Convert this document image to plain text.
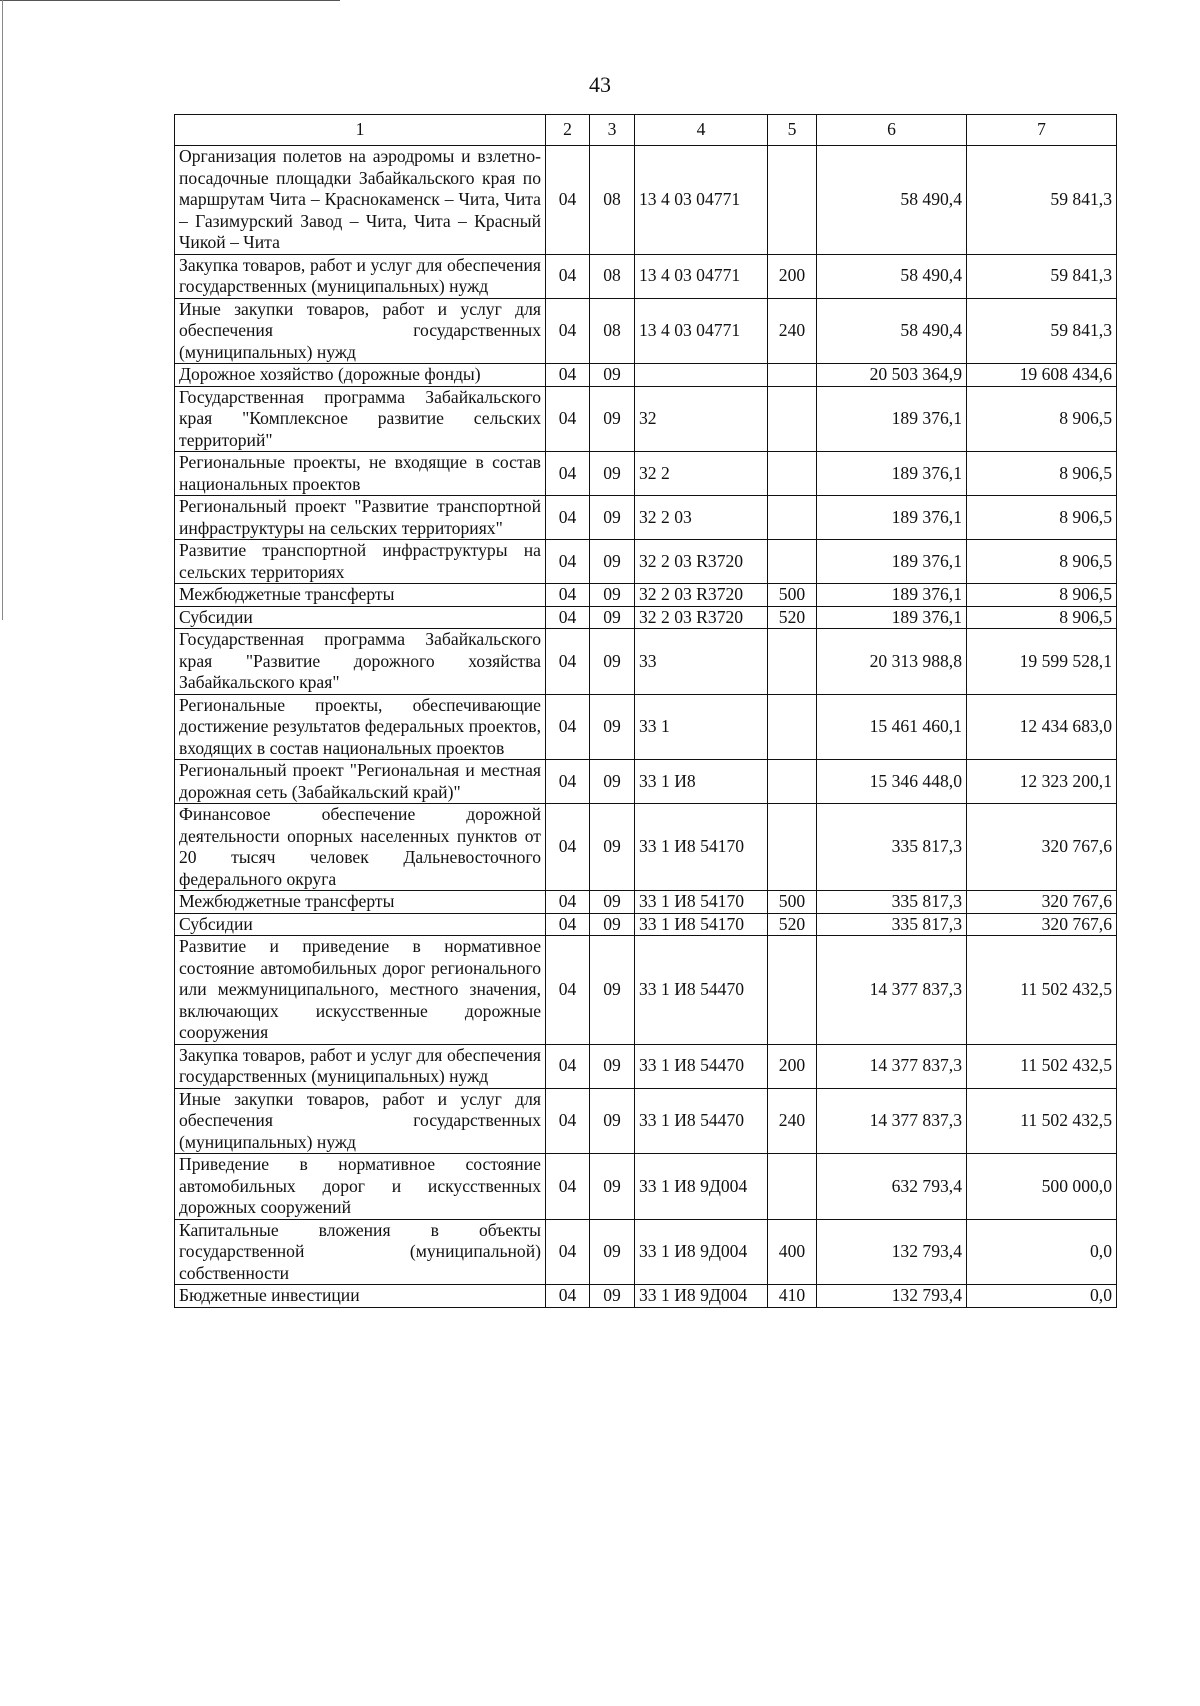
43
1	2	3	4	5	6	7
Организация полетов на аэродромы и взлетно-посадочные площадки Забайкальского края по маршрутам Чита – Краснокаменск – Чита, Чита – Газимурский Завод – Чита, Чита – Красный Чикой – Чита	04	08	13 4 03 04771		58 490,4	59 841,3
Закупка товаров, работ и услуг для обеспечения государственных (муниципальных) нужд	04	08	13 4 03 04771	200	58 490,4	59 841,3
Иные закупки товаров, работ и услуг для обеспечения государственных (муниципальных) нужд	04	08	13 4 03 04771	240	58 490,4	59 841,3
Дорожное хозяйство (дорожные фонды)	04	09			20 503 364,9	19 608 434,6
Государственная программа Забайкальского края "Комплексное развитие сельских территорий"	04	09	32		189 376,1	8 906,5
Региональные проекты, не входящие в состав национальных проектов	04	09	32 2		189 376,1	8 906,5
Региональный проект "Развитие транспортной инфраструктуры на сельских территориях"	04	09	32 2 03		189 376,1	8 906,5
Развитие транспортной инфраструктуры на сельских территориях	04	09	32 2 03 R3720		189 376,1	8 906,5
Межбюджетные трансферты	04	09	32 2 03 R3720	500	189 376,1	8 906,5
Субсидии	04	09	32 2 03 R3720	520	189 376,1	8 906,5
Государственная программа Забайкальского края "Развитие дорожного хозяйства Забайкальского края"	04	09	33		20 313 988,8	19 599 528,1
Региональные проекты, обеспечивающие достижение результатов федеральных проектов, входящих в состав национальных проектов	04	09	33 1		15 461 460,1	12 434 683,0
Региональный проект "Региональная и местная дорожная сеть (Забайкальский край)"	04	09	33 1 И8		15 346 448,0	12 323 200,1
Финансовое обеспечение дорожной деятельности опорных населенных пунктов от 20 тысяч человек Дальневосточного федерального округа	04	09	33 1 И8 54170		335 817,3	320 767,6
Межбюджетные трансферты	04	09	33 1 И8 54170	500	335 817,3	320 767,6
Субсидии	04	09	33 1 И8 54170	520	335 817,3	320 767,6
Развитие и приведение в нормативное состояние автомобильных дорог регионального или межмуниципального, местного значения, включающих искусственные дорожные сооружения	04	09	33 1 И8 54470		14 377 837,3	11 502 432,5
Закупка товаров, работ и услуг для обеспечения государственных (муниципальных) нужд	04	09	33 1 И8 54470	200	14 377 837,3	11 502 432,5
Иные закупки товаров, работ и услуг для обеспечения государственных (муниципальных) нужд	04	09	33 1 И8 54470	240	14 377 837,3	11 502 432,5
Приведение в нормативное состояние автомобильных дорог и искусственных дорожных сооружений	04	09	33 1 И8 9Д004		632 793,4	500 000,0
Капитальные вложения в объекты государственной (муниципальной) собственности	04	09	33 1 И8 9Д004	400	132 793,4	0,0
Бюджетные инвестиции	04	09	33 1 И8 9Д004	410	132 793,4	0,0
